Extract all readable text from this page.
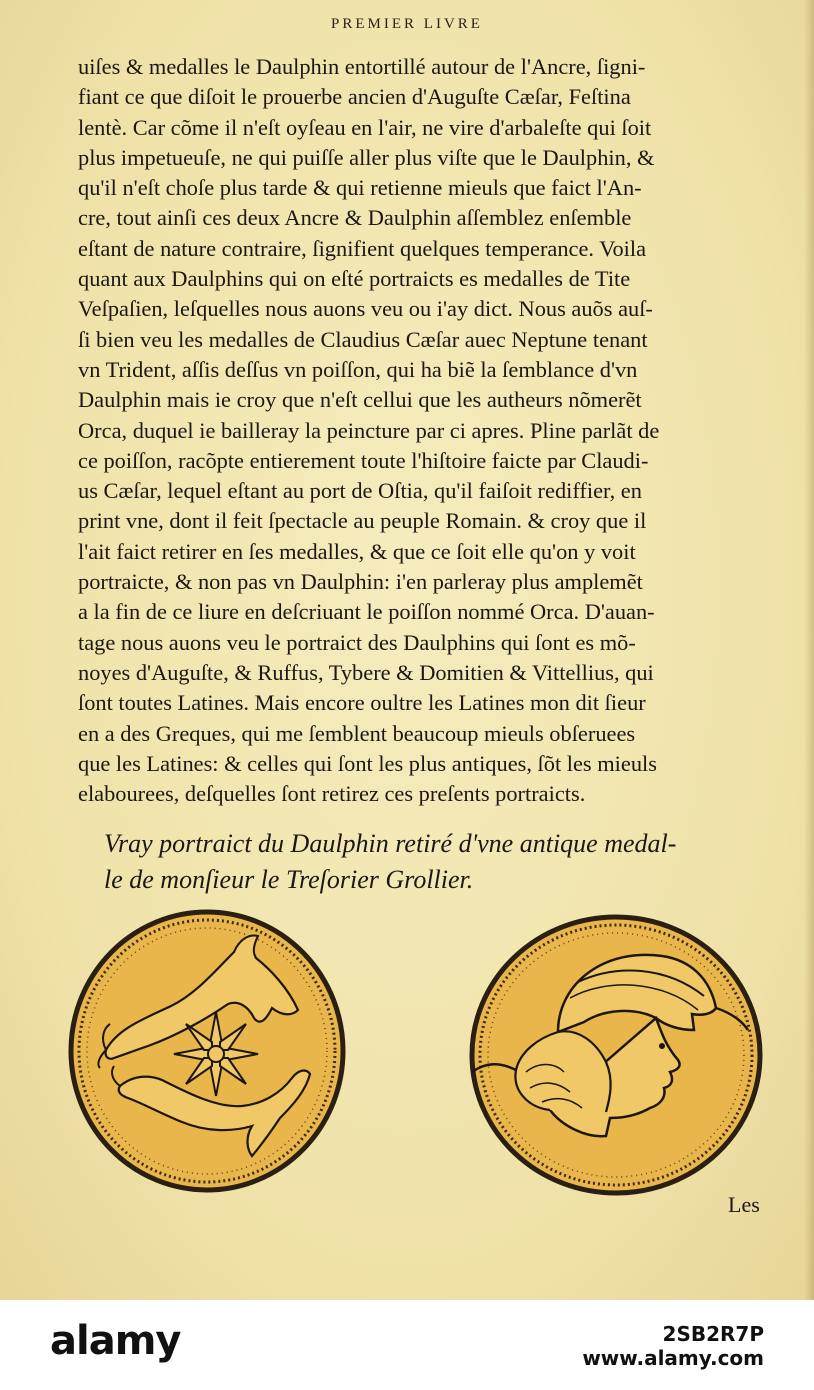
PREMIER LIVRE
uiſes & medalles le Daulphin entortillé autour de l'Ancre, ſigni-
fiant ce que diſoit le prouerbe ancien d'Auguſte Cæſar, Feſtina
lentè. Car cõme il n'eſt oyſeau en l'air, ne vire d'arbaleſte qui ſoit
plus impetueuſe, ne qui puiſſe aller plus viſte que le Daulphin, &
qu'il n'eſt choſe plus tarde & qui retienne mieuls que faict l'An-
cre, tout ainſi ces deux Ancre & Daulphin aſſemblez enſemble
eſtant de nature contraire, ſignifient quelques temperance. Voila
quant aux Daulphins qui on eſté portraicts es medalles de Tite
Veſpaſien, leſquelles nous auons veu ou i'ay dict. Nous auõs auſ-
ſi bien veu les medalles de Claudius Cæſar auec Neptune tenant
vn Trident, aſſis deſſus vn poiſſon, qui ha biẽ la ſemblance d'vn
Daulphin mais ie croy que n'eſt cellui que les autheurs nõmerẽt
Orca, duquel ie bailleray la peincture par ci apres. Pline parlãt de
ce poiſſon, racõpte entierement toute l'hiſtoire faicte par Claudi-
us Cæſar, lequel eſtant au port de Oſtia, qu'il faiſoit rediffier, en
print vne, dont il feit ſpectacle au peuple Romain. & croy que il
l'ait faict retirer en ſes medalles, & que ce ſoit elle qu'on y voit
portraicte, & non pas vn Daulphin: i'en parleray plus amplemẽt
a la fin de ce liure en deſcriuant le poiſſon nommé Orca. D'auan-
tage nous auons veu le portraict des Daulphins qui ſont es mõ-
noyes d'Auguſte, & Ruffus, Tybere & Domitien & Vittellius, qui
ſont toutes Latines. Mais encore oultre les Latines mon dit ſieur
en a des Greques, qui me ſemblent beaucoup mieuls obſeruees
que les Latines: & celles qui ſont les plus antiques, ſõt les mieuls
elabourees, deſquelles ſont retirez ces preſents portraicts.
Vray portraict du Daulphin retiré d'vne antique medal-
le de monſieur le Treſorier Grollier.
Les
alamy	2SB2R7P
www.alamy.com
